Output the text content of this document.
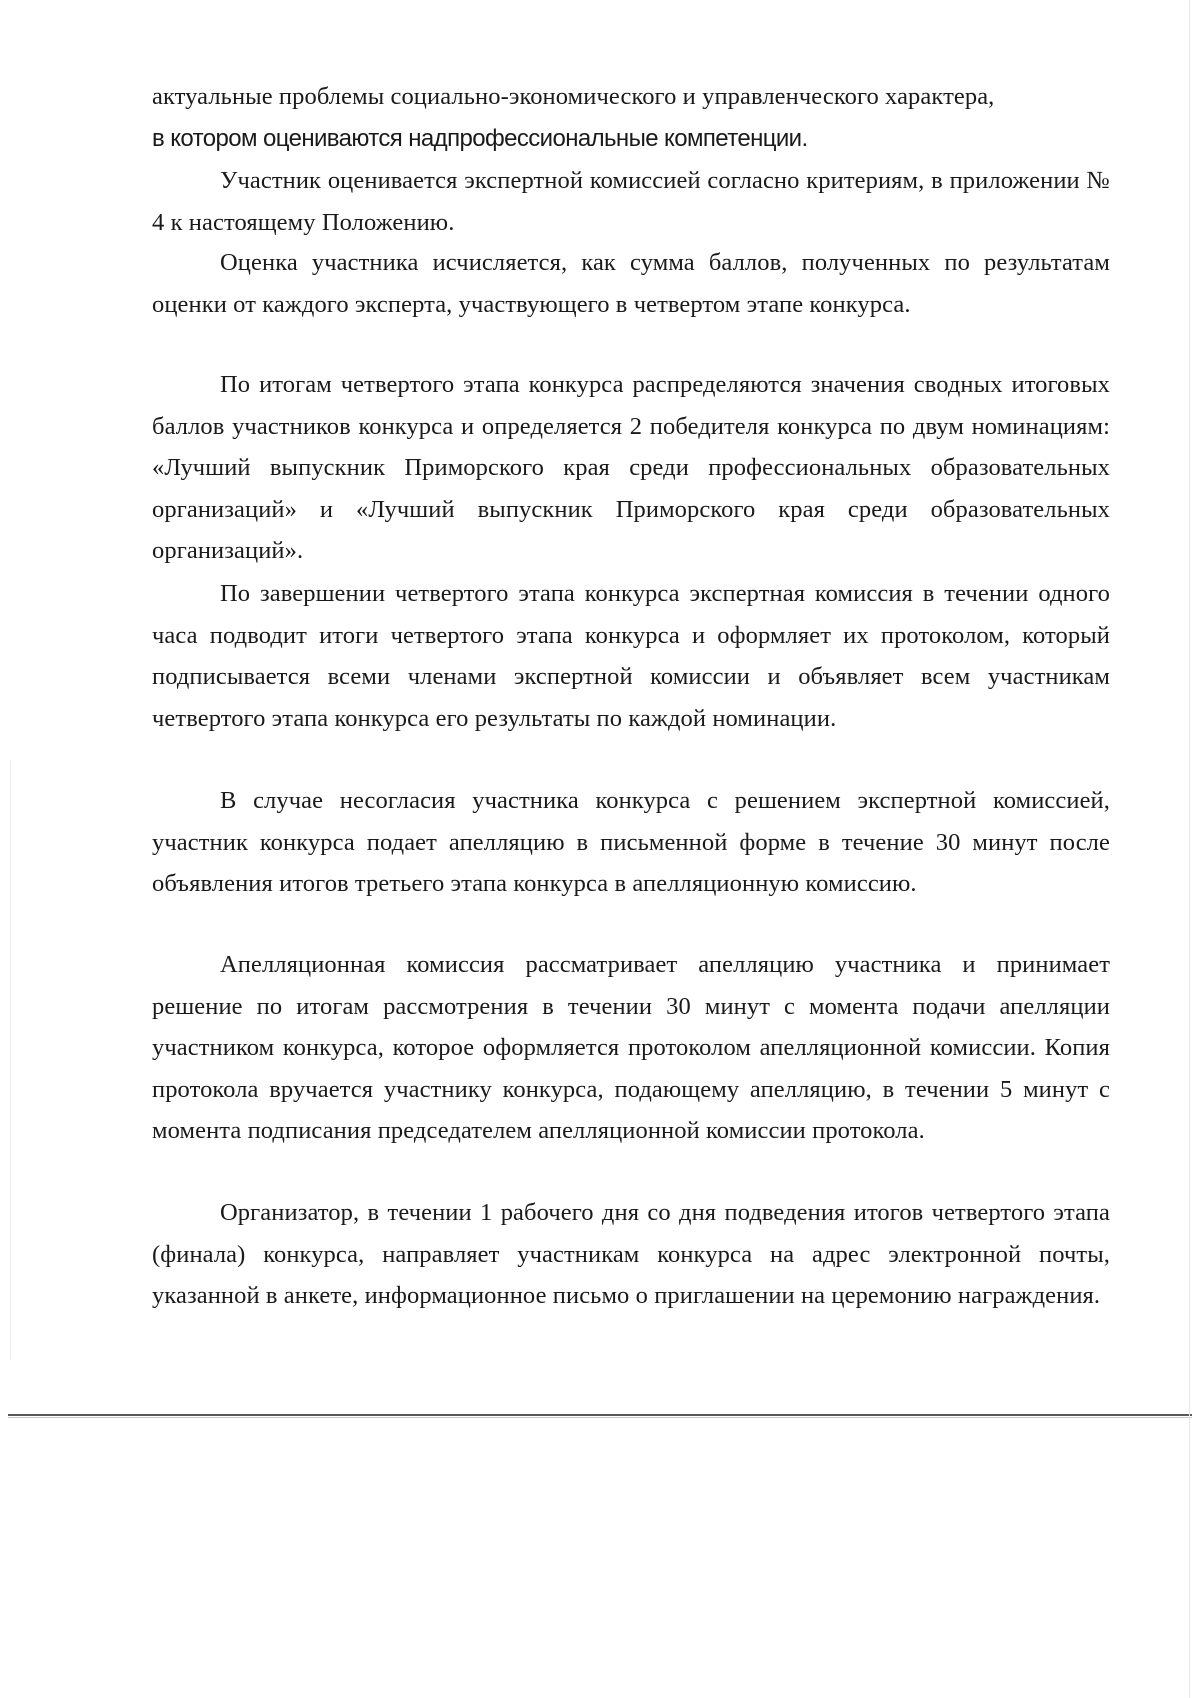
актуальные проблемы социально-экономического и управленческого характера,

в котором оцениваются надпрофессиональные компетенции.

Участник оценивается экспертной комиссией согласно критериям, в приложении № 4 к настоящему Положению.

Оценка участника исчисляется, как сумма баллов, полученных по результатам оценки от каждого эксперта, участвующего в четвертом этапе конкурса.

По итогам четвертого этапа конкурса распределяются значения сводных итоговых баллов участников конкурса и определяется 2 победителя конкурса по двум номинациям: «Лучший выпускник Приморского края среди профессиональных образовательных организаций» и «Лучший выпускник Приморского края среди образовательных организаций».

По завершении четвертого этапа конкурса экспертная комиссия в течении одного часа подводит итоги четвертого этапа конкурса и оформляет их протоколом, который подписывается всеми членами экспертной комиссии и объявляет всем участникам четвертого этапа конкурса его результаты по каждой номинации.

В случае несогласия участника конкурса с решением экспертной комиссией, участник конкурса подает апелляцию в письменной форме в течение 30 минут после объявления итогов третьего этапа конкурса в апелляционную комиссию.

Апелляционная комиссия рассматривает апелляцию участника и принимает решение по итогам рассмотрения в течении 30 минут с момента подачи апелляции участником конкурса, которое оформляется протоколом апелляционной комиссии. Копия протокола вручается участнику конкурса, подающему апелляцию, в течении 5 минут с момента подписания председателем апелляционной комиссии протокола.

Организатор, в течении 1 рабочего дня со дня подведения итогов четвертого этапа (финала) конкурса, направляет участникам конкурса на адрес электронной почты, указанной в анкете, информационное письмо о приглашении на церемонию награждения.
